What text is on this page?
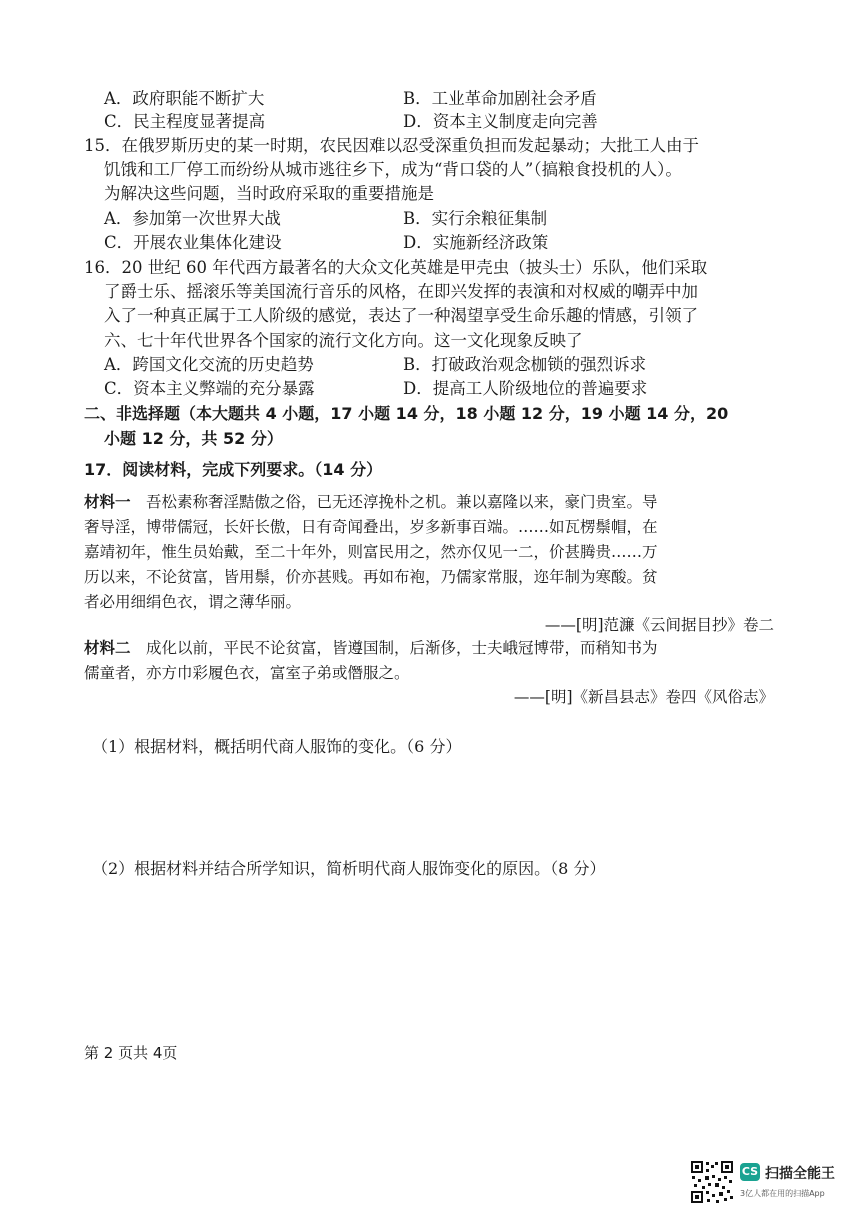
A．政府职能不断扩大	B．工业革命加剧社会矛盾
C．民主程度显著提高	D．资本主义制度走向完善
15．在俄罗斯历史的某一时期，农民因难以忍受深重负担而发起暴动；大批工人由于
饥饿和工厂停工而纷纷从城市逃往乡下，成为“背口袋的人”（搞粮食投机的人）。
为解决这些问题，当时政府采取的重要措施是
A．参加第一次世界大战	B．实行余粮征集制
C．开展农业集体化建设	D．实施新经济政策
16．20 世纪 60 年代西方最著名的大众文化英雄是甲壳虫（披头士）乐队，他们采取
了爵士乐、摇滚乐等美国流行音乐的风格，在即兴发挥的表演和对权威的嘲弄中加
入了一种真正属于工人阶级的感觉，表达了一种渴望享受生命乐趣的情感，引领了
六、七十年代世界各个国家的流行文化方向。这一文化现象反映了
A．跨国文化交流的历史趋势	B．打破政治观念枷锁的强烈诉求
C．资本主义弊端的充分暴露	D．提高工人阶级地位的普遍要求
二、非选择题（本大题共 4 小题，17 小题 14 分，18 小题 12 分，19 小题 14 分，20
小题 12 分，共 52 分）
17．阅读材料，完成下列要求。（14 分）
材料一　吾松素称奢淫黠傲之俗，已无还淳挽朴之机。兼以嘉隆以来，豪门贵室。导
奢导淫，博带儒冠，长奸长傲，日有奇闻叠出，岁多新事百端。……如瓦楞鬃帽，在
嘉靖初年，惟生员始戴，至二十年外，则富民用之，然亦仅见一二，价甚腾贵……万
历以来，不论贫富，皆用鬃，价亦甚贱。再如布袍，乃儒家常服，迩年制为寒酸。贫
者必用细绢色衣，谓之薄华丽。
——[明]范濂《云间据目抄》卷二
材料二　成化以前，平民不论贫富，皆遵国制，后渐侈，士夫峨冠博带，而稍知书为
儒童者，亦方巾彩履色衣，富室子弟或僭服之。
——[明]《新昌县志》卷四《风俗志》
（1）根据材料，概括明代商人服饰的变化。（6 分）
（2）根据材料并结合所学知识，简析明代商人服饰变化的原因。（8 分）
第 2 页共 4页
CS 扫描全能王
3亿人都在用的扫描App
